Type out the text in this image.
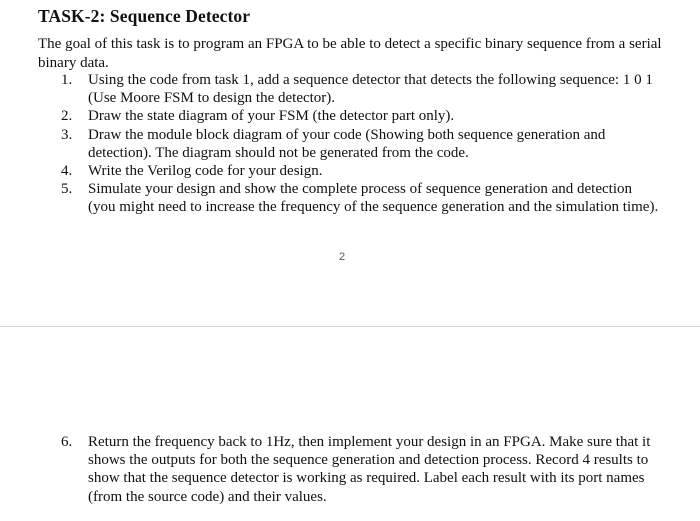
TASK-2: Sequence Detector
The goal of this task is to program an FPGA to be able to detect a specific binary sequence from a serial binary data.
1. Using the code from task 1, add a sequence detector that detects the following sequence: 1 0 1 (Use Moore FSM to design the detector).
2. Draw the state diagram of your FSM (the detector part only).
3. Draw the module block diagram of your code (Showing both sequence generation and detection). The diagram should not be generated from the code.
4. Write the Verilog code for your design.
5. Simulate your design and show the complete process of sequence generation and detection (you might need to increase the frequency of the sequence generation and the simulation time).
2
6. Return the frequency back to 1Hz, then implement your design in an FPGA. Make sure that it shows the outputs for both the sequence generation and detection process. Record 4 results to show that the sequence detector is working as required. Label each result with its port names (from the source code) and their values.
